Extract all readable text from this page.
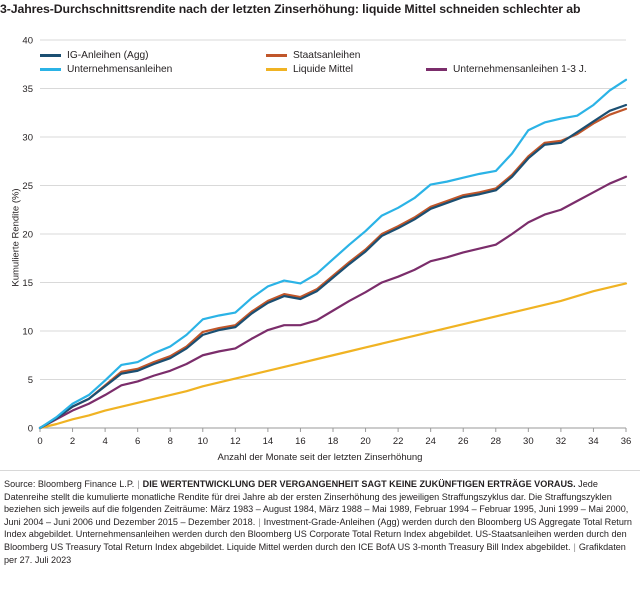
3-Jahres-Durchschnittsrendite nach der letzten Zinserhöhung: liquide Mittel schneiden schlechter ab
0
5
10
15
20
25
30
35
40
0	2	4	6	8	10 12 14 16 18 20 22 24 26 28 30 32 34 36
IG-Anleihen (Agg)	Staatsanleihen
Unternehmensanleihen	Liquide Mittel	Unternehmensanleihen 1-3 J.
Kumulierte Rendite (%)
Anzahl der Monate seit der letzten Zinserhöhung
Source: Bloomberg Finance L.P. | DIE WERTENTWICKLUNG DER VERGANGENHEIT SAGT KEINE ZUKÜNFTIGEN ERTRÄGE VORAUS. Jede Datenreihe stellt die kumulierte monatliche Rendite für drei Jahre ab der ersten Zinserhöhung des jeweiligen Straffungszyklus dar. Die Straffungszyklen beziehen sich jeweils auf die folgenden Zeiträume: März 1983 – August 1984, März 1988 – Mai 1989, Februar 1994 – Februar 1995, Juni 1999 – Mai 2000, Juni 2004 – Juni 2006 und Dezember 2015 – Dezember 2018. | Investment-Grade-Anleihen (Agg) werden durch den Bloomberg US Aggregate Total Return Index abgebildet. Unternehmensanleihen werden durch den Bloomberg US Corporate Total Return Index abgebildet. US-Staatsanleihen werden durch den Bloomberg US Treasury Total Return Index abgebildet. Liquide Mittel werden durch den ICE BofA US 3-month Treasury Bill Index abgebildet. | Grafikdaten per 27. Juli 2023
